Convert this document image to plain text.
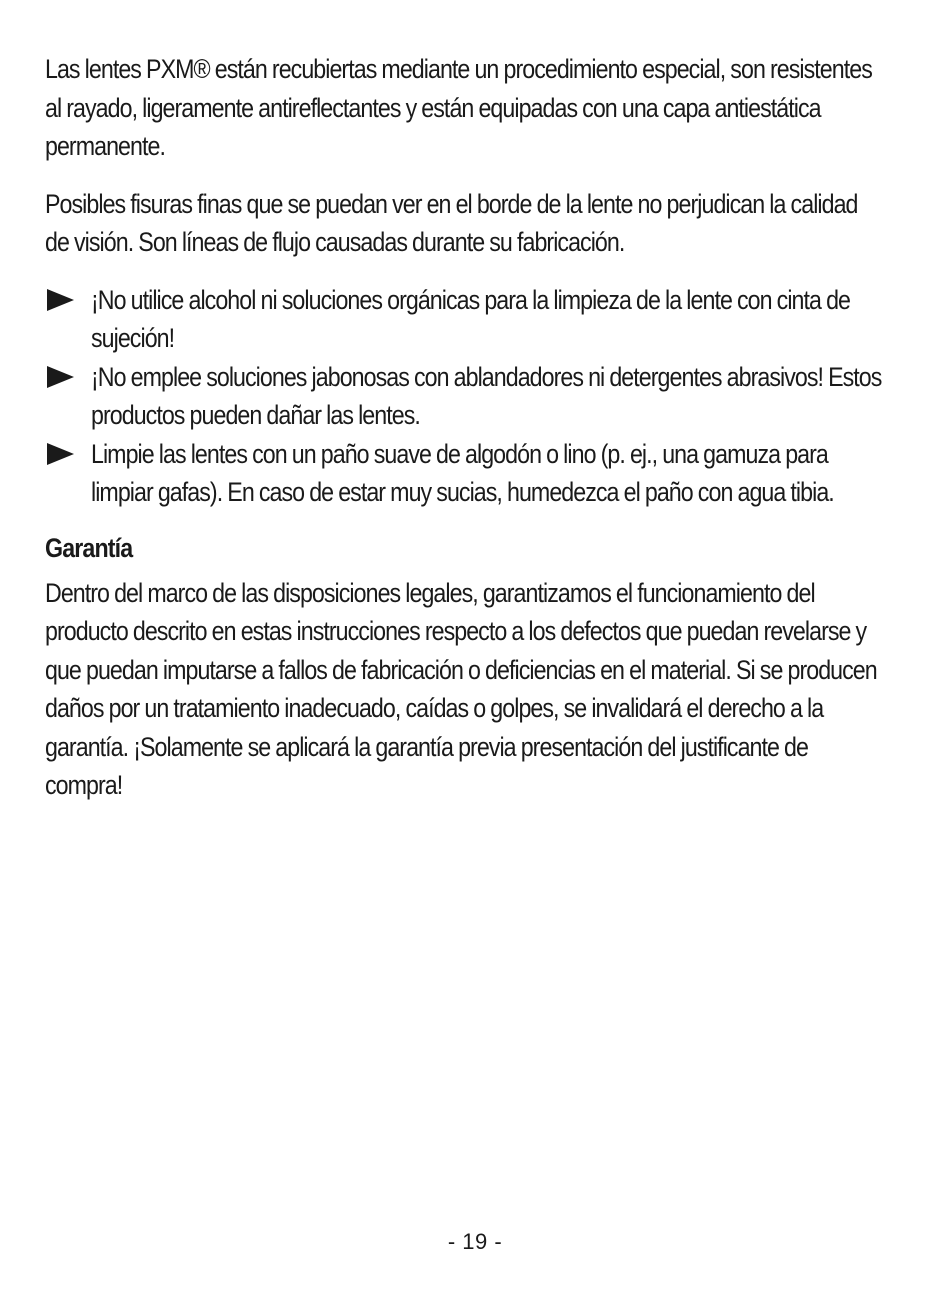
Las lentes PXM® están recubiertas mediante un procedimiento especial, son resistentes al rayado, ligeramente antireflectantes y están equipadas con una capa antiestática permanente.

Posibles fisuras finas que se puedan ver en el borde de la lente no perjudican la calidad de visión. Son líneas de flujo causadas durante su fabricación.

¡No utilice alcohol ni soluciones orgánicas para la limpieza de la lente con cinta de sujeción!

¡No emplee soluciones jabonosas con ablandadores ni detergentes abrasivos! Estos productos pueden dañar las lentes.

Limpie las lentes con un paño suave de algodón o lino (p. ej., una gamuza para limpiar gafas). En caso de estar muy sucias, humedezca el paño con agua tibia.

Garantía

Dentro del marco de las disposiciones legales, garantizamos el funcionamiento del producto descrito en estas instrucciones respecto a los defectos que puedan revelarse y que puedan imputarse a fallos de fabricación o deficiencias en el material. Si se producen daños por un tratamiento inadecuado, caídas o golpes, se invalidará el derecho a la garantía. ¡Solamente se aplicará la garantía previa presentación del justificante de compra!

- 19 -
